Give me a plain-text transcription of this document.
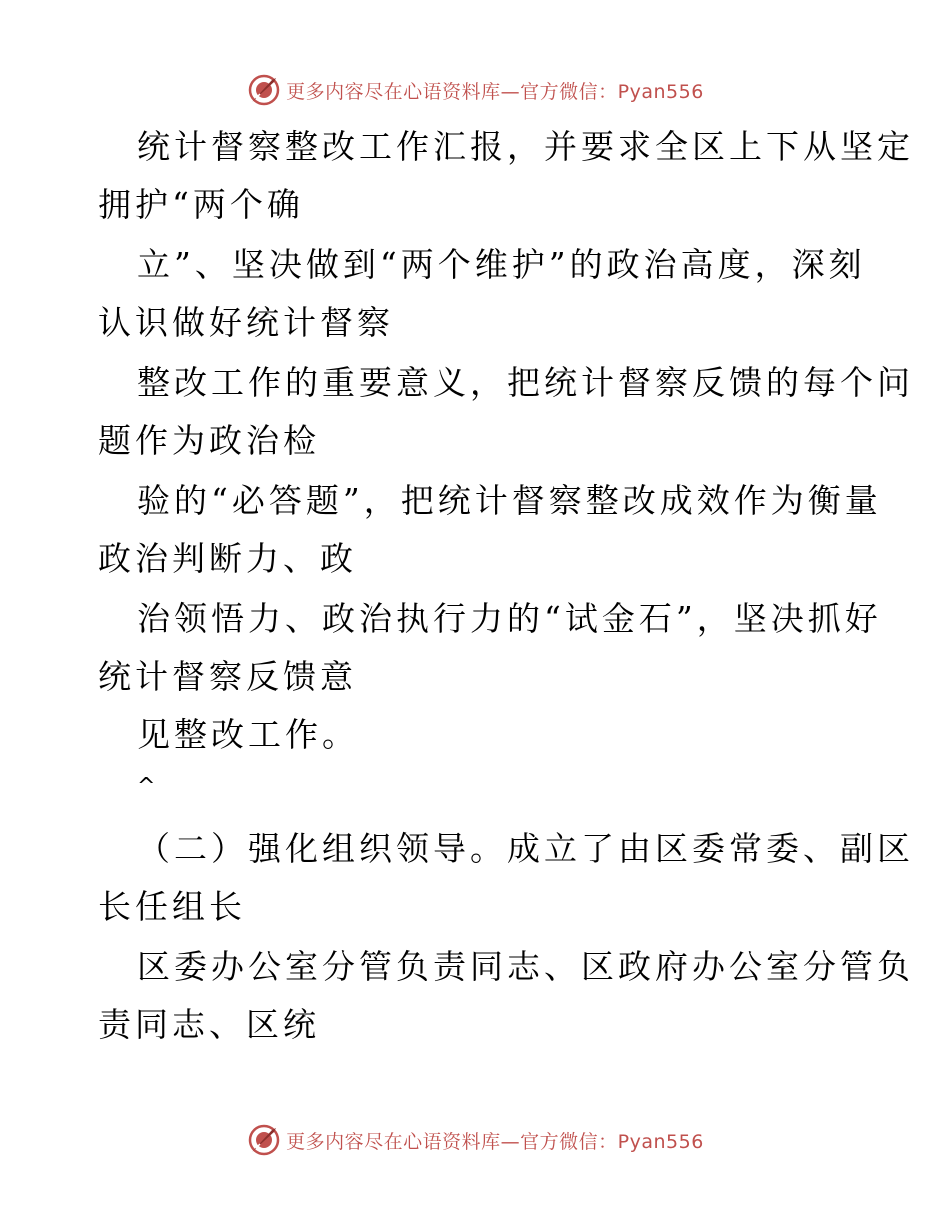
更多内容尽在心语资料库—官方微信：Pyan556
统计督察整改工作汇报，并要求全区上下从坚定
拥护“两个确
立”、坚决做到“两个维护”的政治高度，深刻
认识做好统计督察
整改工作的重要意义，把统计督察反馈的每个问
题作为政治检
验的“必答题”，把统计督察整改成效作为衡量
政治判断力、政
治领悟力、政治执行力的“试金石”，坚决抓好
统计督察反馈意
见整改工作。
^
（二）强化组织领导。成立了由区委常委、副区
长任组长
区委办公室分管负责同志、区政府办公室分管负
责同志、区统
更多内容尽在心语资料库—官方微信：Pyan556
